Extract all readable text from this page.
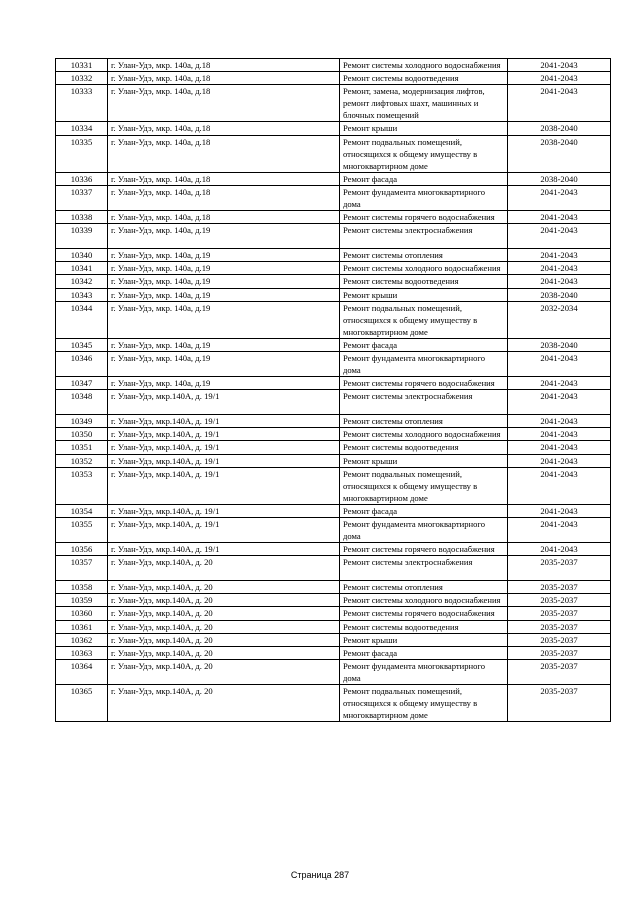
10331	г. Улан-Удэ, мкр. 140а, д.18	Ремонт системы холодного водоснабжения	2041-2043
10332	г. Улан-Удэ, мкр. 140а, д.18	Ремонт системы водоотведения	2041-2043
10333	г. Улан-Удэ, мкр. 140а, д.18	Ремонт, замена, модернизация лифтов, ремонт лифтовых шахт, машинных и блочных помещений	2041-2043
10334	г. Улан-Удэ, мкр. 140а, д.18	Ремонт крыши	2038-2040
10335	г. Улан-Удэ, мкр. 140а, д.18	Ремонт подвальных помещений, относящихся к общему имуществу в многоквартирном доме	2038-2040
10336	г. Улан-Удэ, мкр. 140а, д.18	Ремонт фасада	2038-2040
10337	г. Улан-Удэ, мкр. 140а, д.18	Ремонт фундамента многоквартирного дома	2041-2043
10338	г. Улан-Удэ, мкр. 140а, д.18	Ремонт системы горячего водоснабжения	2041-2043
10339	г. Улан-Удэ, мкр. 140а, д.19	Ремонт системы электроснабжения	2041-2043
10340	г. Улан-Удэ, мкр. 140а, д.19	Ремонт системы отопления	2041-2043
10341	г. Улан-Удэ, мкр. 140а, д.19	Ремонт системы холодного водоснабжения	2041-2043
10342	г. Улан-Удэ, мкр. 140а, д.19	Ремонт системы водоотведения	2041-2043
10343	г. Улан-Удэ, мкр. 140а, д.19	Ремонт крыши	2038-2040
10344	г. Улан-Удэ, мкр. 140а, д.19	Ремонт подвальных помещений, относящихся к общему имуществу в многоквартирном доме	2032-2034
10345	г. Улан-Удэ, мкр. 140а, д.19	Ремонт фасада	2038-2040
10346	г. Улан-Удэ, мкр. 140а, д.19	Ремонт фундамента многоквартирного дома	2041-2043
10347	г. Улан-Удэ, мкр. 140а, д.19	Ремонт системы горячего водоснабжения	2041-2043
10348	г. Улан-Удэ, мкр.140А, д. 19/1	Ремонт системы электроснабжения	2041-2043
10349	г. Улан-Удэ, мкр.140А, д. 19/1	Ремонт системы отопления	2041-2043
10350	г. Улан-Удэ, мкр.140А, д. 19/1	Ремонт системы холодного водоснабжения	2041-2043
10351	г. Улан-Удэ, мкр.140А, д. 19/1	Ремонт системы водоотведения	2041-2043
10352	г. Улан-Удэ, мкр.140А, д. 19/1	Ремонт крыши	2041-2043
10353	г. Улан-Удэ, мкр.140А, д. 19/1	Ремонт подвальных помещений, относящихся к общему имуществу в многоквартирном доме	2041-2043
10354	г. Улан-Удэ, мкр.140А, д. 19/1	Ремонт фасада	2041-2043
10355	г. Улан-Удэ, мкр.140А, д. 19/1	Ремонт фундамента многоквартирного дома	2041-2043
10356	г. Улан-Удэ, мкр.140А, д. 19/1	Ремонт системы горячего водоснабжения	2041-2043
10357	г. Улан-Удэ, мкр.140А, д. 20	Ремонт системы электроснабжения	2035-2037
10358	г. Улан-Удэ, мкр.140А, д. 20	Ремонт системы отопления	2035-2037
10359	г. Улан-Удэ, мкр.140А, д. 20	Ремонт системы холодного водоснабжения	2035-2037
10360	г. Улан-Удэ, мкр.140А, д. 20	Ремонт системы горячего водоснабжения	2035-2037
10361	г. Улан-Удэ, мкр.140А, д. 20	Ремонт системы водоотведения	2035-2037
10362	г. Улан-Удэ, мкр.140А, д. 20	Ремонт крыши	2035-2037
10363	г. Улан-Удэ, мкр.140А, д. 20	Ремонт фасада	2035-2037
10364	г. Улан-Удэ, мкр.140А, д. 20	Ремонт фундамента многоквартирного дома	2035-2037
10365	г. Улан-Удэ, мкр.140А, д. 20	Ремонт подвальных помещений, относящихся к общему имуществу в многоквартирном доме	2035-2037
Страница 287
